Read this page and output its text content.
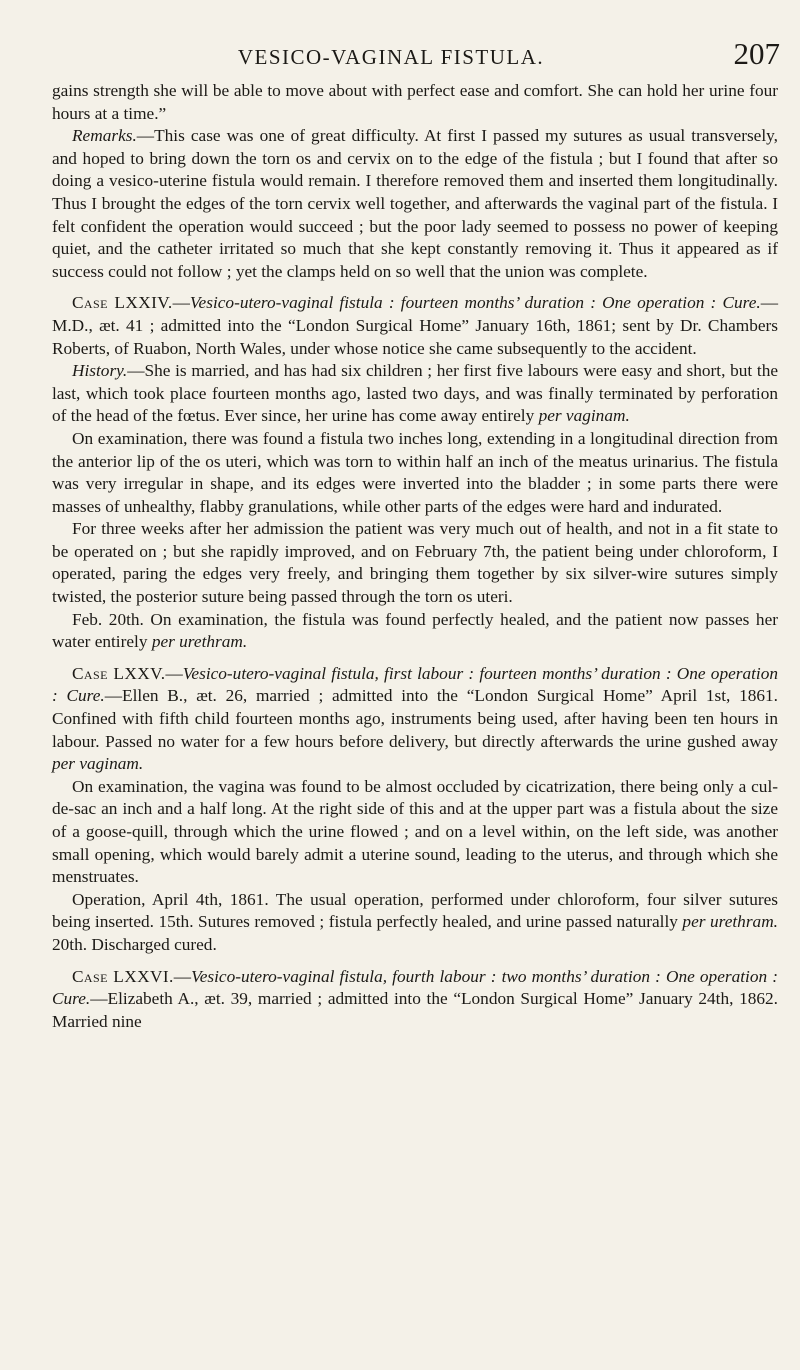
VESICO-VAGINAL FISTULA.	207

gains strength she will be able to move about with perfect ease and comfort. She can hold her urine four hours at a time.”

Remarks.—This case was one of great difficulty. At first I passed my sutures as usual transversely, and hoped to bring down the torn os and cervix on to the edge of the fistula ; but I found that after so doing a vesico-uterine fistula would remain. I therefore removed them and inserted them longitudinally. Thus I brought the edges of the torn cervix well together, and afterwards the vaginal part of the fistula. I felt confident the operation would succeed ; but the poor lady seemed to possess no power of keeping quiet, and the catheter irritated so much that she kept constantly removing it. Thus it appeared as if success could not follow ; yet the clamps held on so well that the union was complete.

Case LXXIV.—Vesico-utero-vaginal fistula : fourteen months’ duration : One operation : Cure.—M.D., æt. 41 ; admitted into the “London Surgical Home” January 16th, 1861; sent by Dr. Chambers Roberts, of Ruabon, North Wales, under whose notice she came subsequently to the accident.

History.—She is married, and has had six children ; her first five labours were easy and short, but the last, which took place fourteen months ago, lasted two days, and was finally terminated by perforation of the head of the fœtus. Ever since, her urine has come away entirely per vaginam.

On examination, there was found a fistula two inches long, extending in a longitudinal direction from the anterior lip of the os uteri, which was torn to within half an inch of the meatus urinarius. The fistula was very irregular in shape, and its edges were inverted into the bladder ; in some parts there were masses of unhealthy, flabby granulations, while other parts of the edges were hard and indurated.

For three weeks after her admission the patient was very much out of health, and not in a fit state to be operated on ; but she rapidly improved, and on February 7th, the patient being under chloroform, I operated, paring the edges very freely, and bringing them together by six silver-wire sutures simply twisted, the posterior suture being passed through the torn os uteri.

Feb. 20th. On examination, the fistula was found perfectly healed, and the patient now passes her water entirely per urethram.

Case LXXV.—Vesico-utero-vaginal fistula, first labour : fourteen months’ duration : One operation : Cure.—Ellen B., æt. 26, married ; admitted into the “London Surgical Home” April 1st, 1861. Confined with fifth child fourteen months ago, instruments being used, after having been ten hours in labour. Passed no water for a few hours before delivery, but directly afterwards the urine gushed away per vaginam.

On examination, the vagina was found to be almost occluded by cicatrization, there being only a cul-de-sac an inch and a half long. At the right side of this and at the upper part was a fistula about the size of a goose-quill, through which the urine flowed ; and on a level within, on the left side, was another small opening, which would barely admit a uterine sound, leading to the uterus, and through which she menstruates.

Operation, April 4th, 1861. The usual operation, performed under chloroform, four silver sutures being inserted. 15th. Sutures removed ; fistula perfectly healed, and urine passed naturally per urethram. 20th. Discharged cured.

Case LXXVI.—Vesico-utero-vaginal fistula, fourth labour : two months’ duration : One operation : Cure.—Elizabeth A., æt. 39, married ; admitted into the “London Surgical Home” January 24th, 1862. Married nine
